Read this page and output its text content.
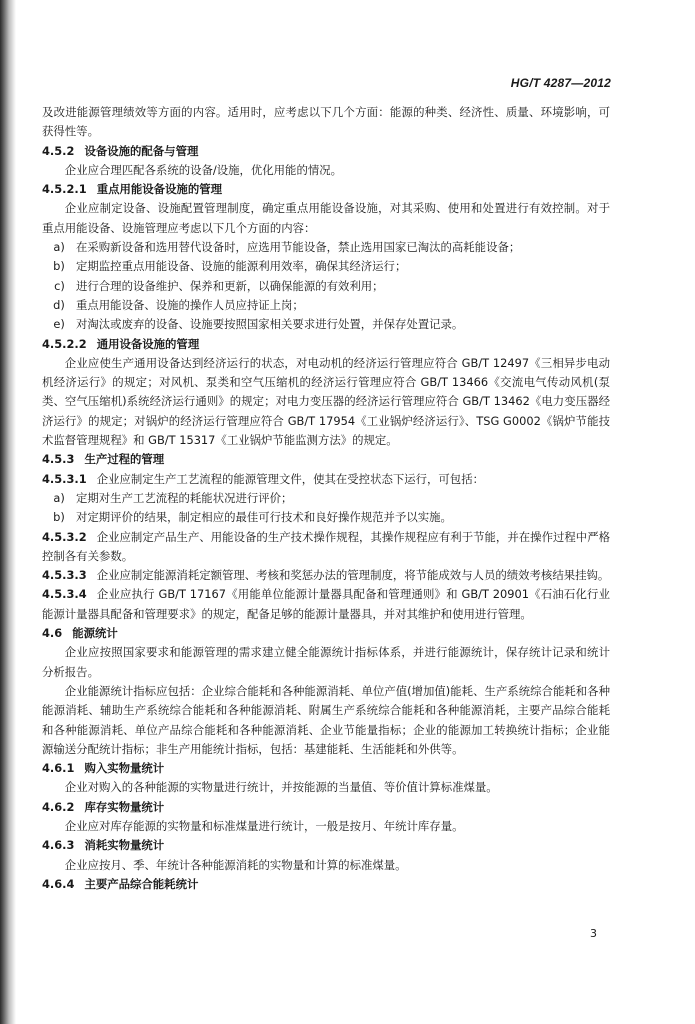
HG/T 4287—2012

及改进能源管理绩效等方面的内容。适用时，应考虑以下几个方面：能源的种类、经济性、质量、环境影响，可获得性等。

4.5.2 设备设施的配备与管理

企业应合理匹配各系统的设备/设施，优化用能的情况。

4.5.2.1 重点用能设备设施的管理

企业应制定设备、设施配置管理制度，确定重点用能设备设施，对其采购、使用和处置进行有效控制。对于重点用能设备、设施管理应考虑以下几个方面的内容：

a) 在采购新设备和选用替代设备时，应选用节能设备，禁止选用国家已淘汰的高耗能设备；

b) 定期监控重点用能设备、设施的能源利用效率，确保其经济运行；

c) 进行合理的设备维护、保养和更新，以确保能源的有效利用；

d) 重点用能设备、设施的操作人员应持证上岗；

e) 对淘汰或废弃的设备、设施要按照国家相关要求进行处置，并保存处置记录。

4.5.2.2 通用设备设施的管理

企业应使生产通用设备达到经济运行的状态，对电动机的经济运行管理应符合 GB/T 12497《三相异步电动机经济运行》的规定；对风机、泵类和空气压缩机的经济运行管理应符合 GB/T 13466《交流电气传动风机(泵类、空气压缩机)系统经济运行通则》的规定；对电力变压器的经济运行管理应符合 GB/T 13462《电力变压器经济运行》的规定；对锅炉的经济运行管理应符合 GB/T 17954《工业锅炉经济运行》、TSG G0002《锅炉节能技术监督管理规程》和 GB/T 15317《工业锅炉节能监测方法》的规定。

4.5.3 生产过程的管理

4.5.3.1 企业应制定生产工艺流程的能源管理文件，使其在受控状态下运行，可包括：

a) 定期对生产工艺流程的耗能状况进行评价；

b) 对定期评价的结果，制定相应的最佳可行技术和良好操作规范并予以实施。

4.5.3.2 企业应制定产品生产、用能设备的生产技术操作规程，其操作规程应有利于节能，并在操作过程中严格控制各有关参数。

4.5.3.3 企业应制定能源消耗定额管理、考核和奖惩办法的管理制度，将节能成效与人员的绩效考核结果挂钩。

4.5.3.4 企业应执行 GB/T 17167《用能单位能源计量器具配备和管理通则》和 GB/T 20901《石油石化行业能源计量器具配备和管理要求》的规定，配备足够的能源计量器具，并对其维护和使用进行管理。

4.6 能源统计

企业应按照国家要求和能源管理的需求建立健全能源统计指标体系，并进行能源统计，保存统计记录和统计分析报告。

企业能源统计指标应包括：企业综合能耗和各种能源消耗、单位产值(增加值)能耗、生产系统综合能耗和各种能源消耗、辅助生产系统综合能耗和各种能源消耗、附属生产系统综合能耗和各种能源消耗，主要产品综合能耗和各种能源消耗、单位产品综合能耗和各种能源消耗、企业节能量指标；企业的能源加工转换统计指标；企业能源输送分配统计指标；非生产用能统计指标，包括：基建能耗、生活能耗和外供等。

4.6.1 购入实物量统计

企业对购入的各种能源的实物量进行统计，并按能源的当量值、等价值计算标准煤量。

4.6.2 库存实物量统计

企业应对库存能源的实物量和标准煤量进行统计，一般是按月、年统计库存量。

4.6.3 消耗实物量统计

企业应按月、季、年统计各种能源消耗的实物量和计算的标准煤量。

4.6.4 主要产品综合能耗统计

3
